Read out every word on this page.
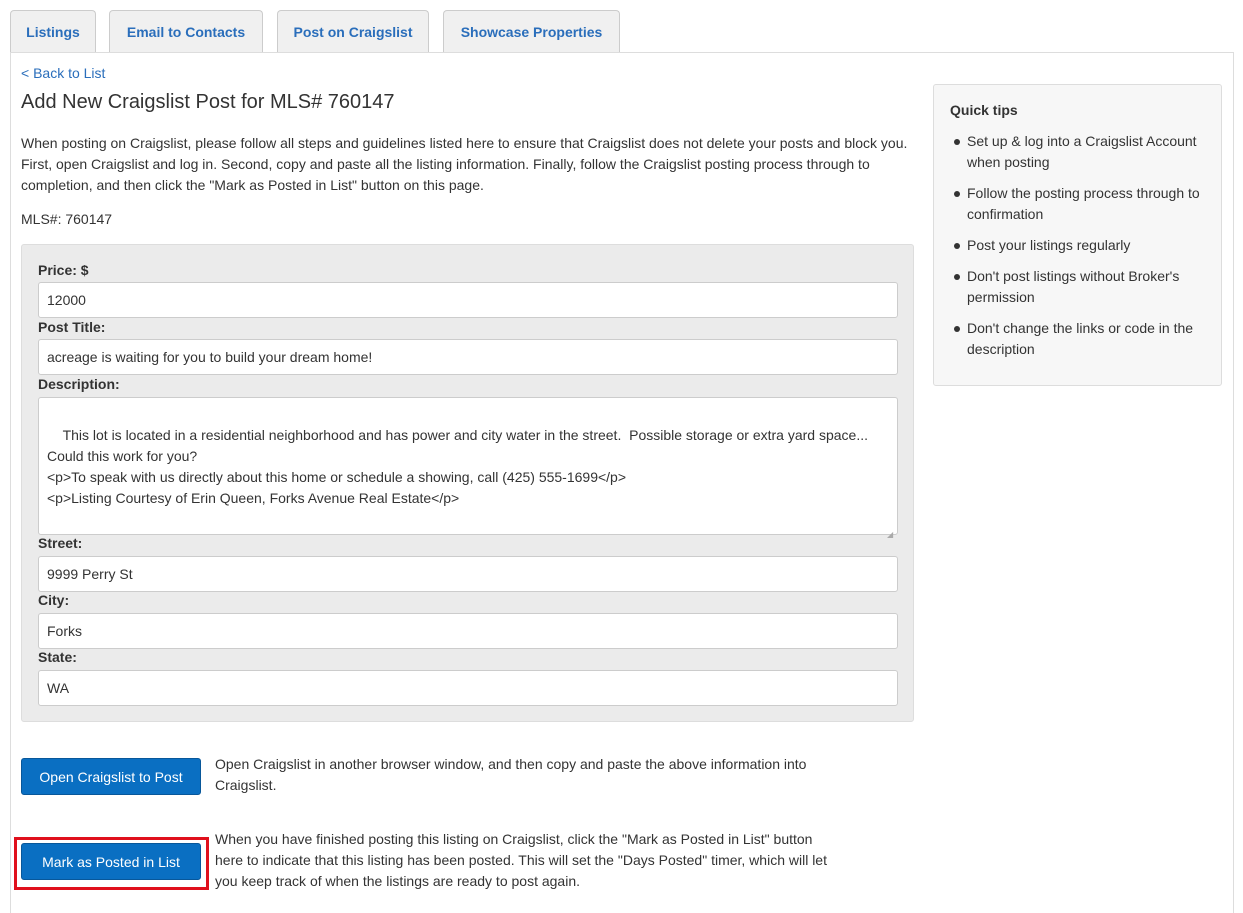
Listings	Email to Contacts	Post on Craigslist	Showcase Properties
< Back to List
Add New Craigslist Post for MLS# 760147

When posting on Craigslist, please follow all steps and guidelines listed here to ensure that Craigslist does not delete your posts and block you. First, open Craigslist and log in. Second, copy and paste all the listing information. Finally, follow the Craigslist posting process through to completion, and then click the "Mark as Posted in List" button on this page.

MLS#: 760147
Price: $
12000
Post Title:
acreage is waiting for you to build your dream home!
Description:

This lot is located in a residential neighborhood and has power and city water in the street.  Possible storage or extra yard space... Could this work for you?
<p>To speak with us directly about this home or schedule a showing, call (425) 555-1699</p>
<p>Listing Courtesy of Erin Queen, Forks Avenue Real Estate</p>

◢

Street:
9999 Perry St
City:
Forks
State:
WA
Open Craigslist to Post
Open Craigslist in another browser window, and then copy and paste the above information into Craigslist.
Mark as Posted in List
When you have finished posting this listing on Craigslist, click the "Mark as Posted in List" button here to indicate that this listing has been posted. This will set the "Days Posted" timer, which will let you keep track of when the listings are ready to post again.
Quick tips
Set up & log into a Craigslist Account when posting
Follow the posting process through to confirmation
Post your listings regularly
Don't post listings without Broker's permission
Don't change the links or code in the description
